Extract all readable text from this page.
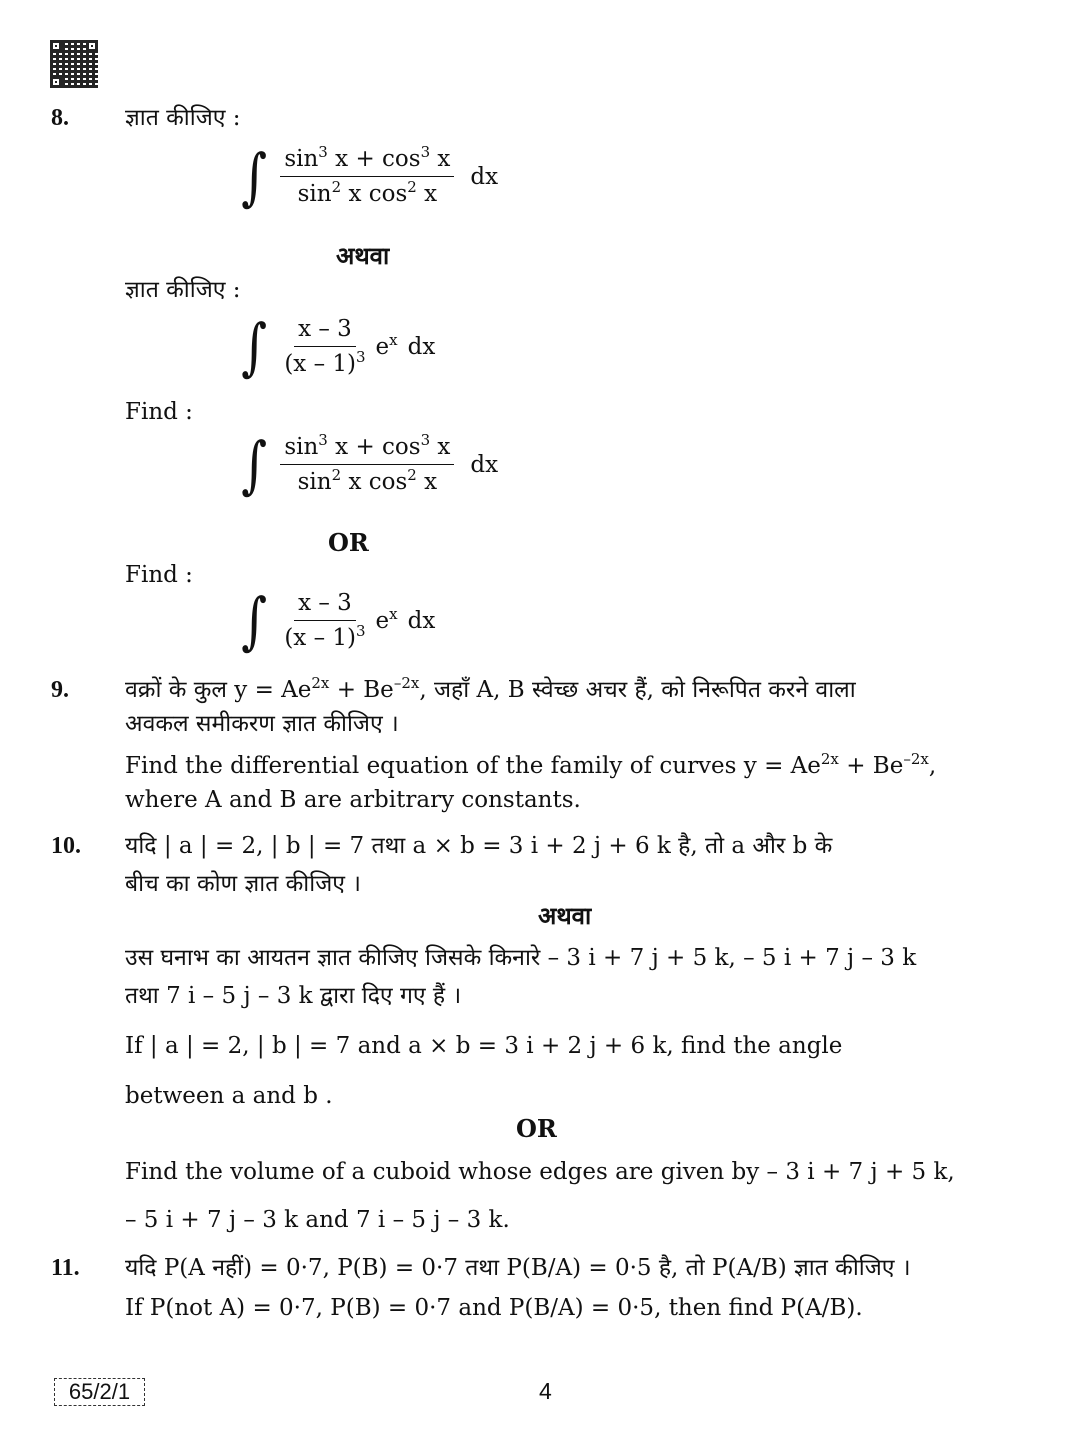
8. ज्ञात कीजिए :
∫ $\frac{\sin^3 x + \cos^3 x}{\sin^2 x \cos^2 x}$ dx
अथवा
ज्ञात कीजिए :
∫ $\frac{x - 3}{(x - 1)^3} e^x$ dx
Find :
∫ $\frac{\sin^3 x + \cos^3 x}{\sin^2 x \cos^2 x}$ dx
OR
Find :
∫ $\frac{x - 3}{(x - 1)^3} e^x$ dx
9. वक्रों के कुल $y = Ae^{2x} + Be^{-2x}$, जहाँ A, B स्वेच्छ अचर हैं, को निरूपित करने वाला
अवकल समीकरण ज्ञात कीजिए ।
Find the differential equation of the family of curves $y = Ae^{2x} + Be^{-2x}$,
where A and B are arbitrary constants.
10. यदि | a | = 2, | b | = 7 तथा a × b = 3 i + 2 j + 6 k है, तो a और b के
बीच का कोण ज्ञात कीजिए ।
अथवा
उस घनाभ का आयतन ज्ञात कीजिए जिसके किनारे – 3 i + 7 j + 5 k, – 5 i + 7 j – 3 k
तथा 7 i – 5 j – 3 k द्वारा दिए गए हैं ।
If | a | = 2, | b | = 7 and a × b = 3 i + 2 j + 6 k, find the angle
between a and b .
OR
Find the volume of a cuboid whose edges are given by – 3 i + 7 j + 5 k,
– 5 i + 7 j – 3 k and 7 i – 5 j – 3 k.
11. यदि P(A नहीं) = 0·7, P(B) = 0·7 तथा P(B/A) = 0·5 है, तो P(A/B) ज्ञात कीजिए ।
If P(not A) = 0·7, P(B) = 0·7 and P(B/A) = 0·5, then find P(A/B).
65/2/1	4
